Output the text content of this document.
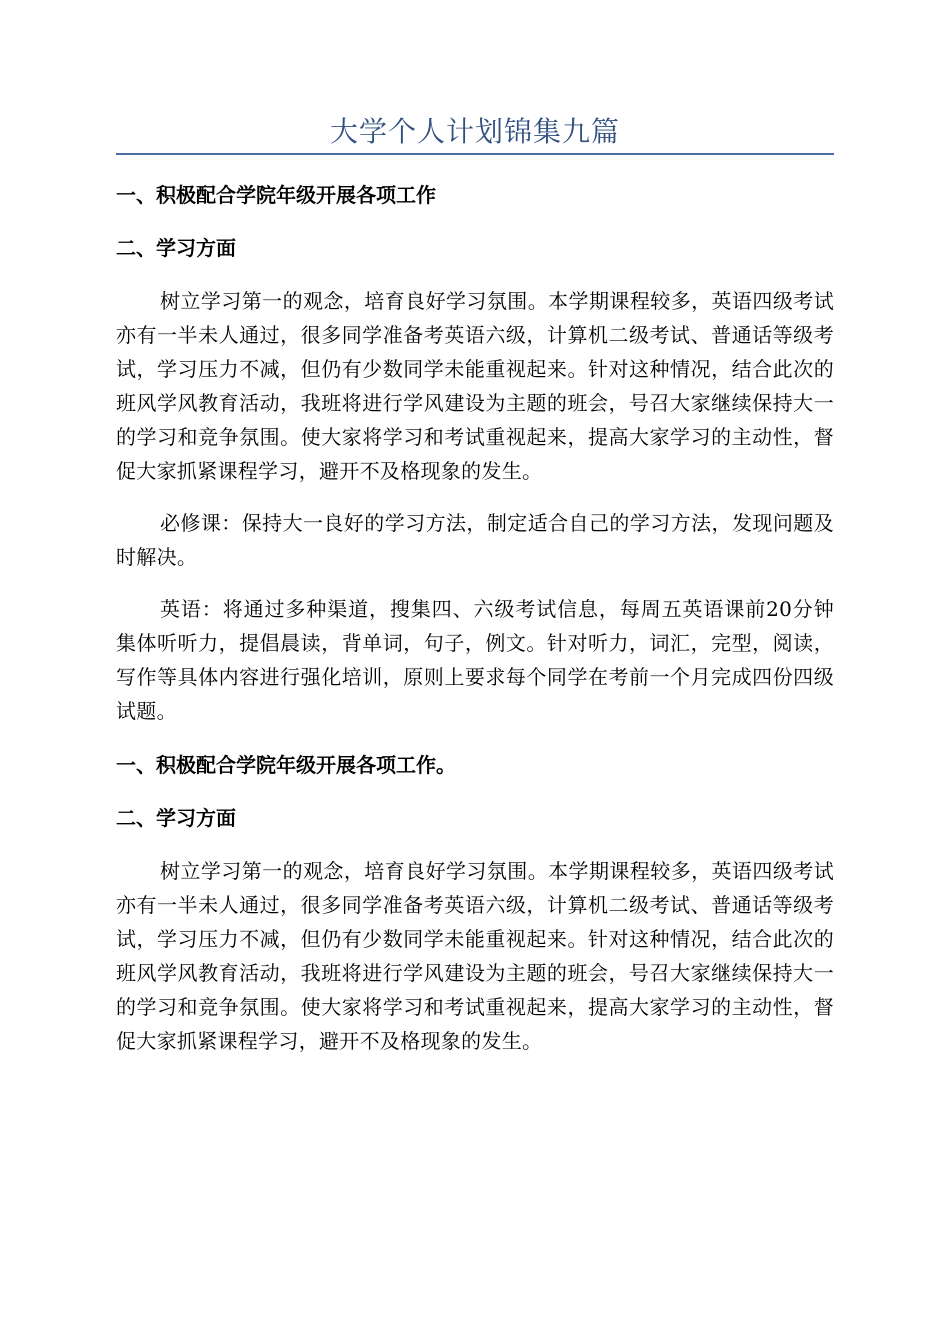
大学个人计划锦集九篇
一、积极配合学院年级开展各项工作
二、学习方面

树立学习第一的观念，培育良好学习氛围。本学期课程较多，英语四级考试亦有一半未人通过，很多同学准备考英语六级，计算机二级考试、普通话等级考试，学习压力不减，但仍有少数同学未能重视起来。针对这种情况，结合此次的班风学风教育活动，我班将进行学风建设为主题的班会，号召大家继续保持大一的学习和竞争氛围。使大家将学习和考试重视起来，提高大家学习的主动性，督促大家抓紧课程学习，避开不及格现象的发生。

必修课：保持大一良好的学习方法，制定适合自己的学习方法，发现问题及时解决。

英语：将通过多种渠道，搜集四、六级考试信息，每周五英语课前20分钟集体听听力，提倡晨读，背单词，句子，例文。针对听力，词汇，完型，阅读，写作等具体内容进行强化培训，原则上要求每个同学在考前一个月完成四份四级试题。

一、积极配合学院年级开展各项工作。
二、学习方面

树立学习第一的观念，培育良好学习氛围。本学期课程较多，英语四级考试亦有一半未人通过，很多同学准备考英语六级，计算机二级考试、普通话等级考试，学习压力不减，但仍有少数同学未能重视起来。针对这种情况，结合此次的班风学风教育活动，我班将进行学风建设为主题的班会，号召大家继续保持大一的学习和竞争氛围。使大家将学习和考试重视起来，提高大家学习的主动性，督促大家抓紧课程学习，避开不及格现象的发生。
